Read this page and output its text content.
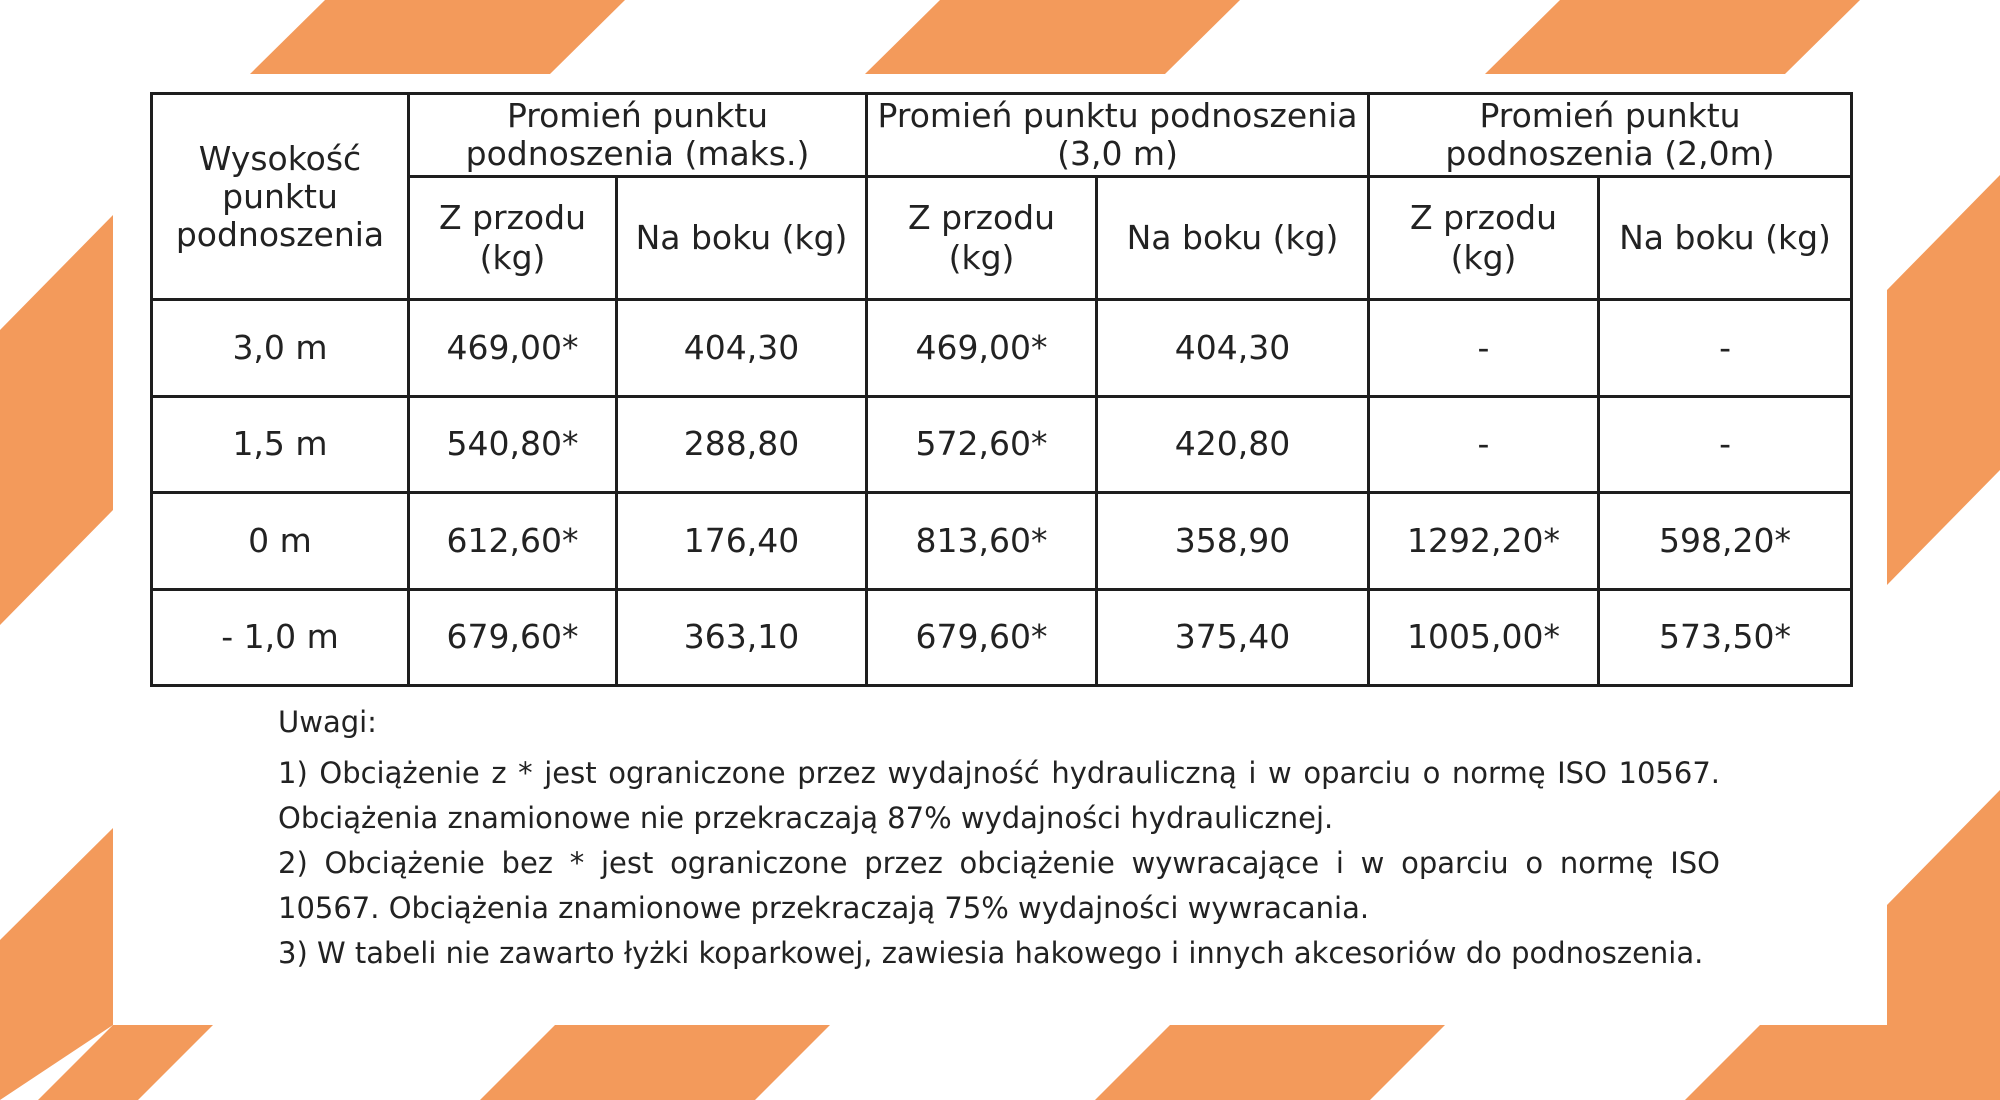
Wysokość punktu podnoszenia	Promień punktu podnoszenia (maks.)		Promień punktu podnoszenia (3,0 m)		Promień punktu podnoszenia (2,0m)	
	Z przodu (kg)	Na boku (kg)	Z przodu (kg)	Na boku (kg)	Z przodu (kg)	Na boku (kg)
3,0 m	469,00*	404,30	469,00*	404,30	-	-
1,5 m	540,80*	288,80	572,60*	420,80	-	-
0 m	612,60*	176,40	813,60*	358,90	1292,20*	598,20*
- 1,0 m	679,60*	363,10	679,60*	375,40	1005,00*	573,50*
Uwagi:
1) Obciążenie z * jest ograniczone przez wydajność hydrauliczną i w oparciu o normę ISO 10567. Obciążenia znamionowe nie przekraczają 87% wydajności hydraulicznej.
2) Obciążenie bez * jest ograniczone przez obciążenie wywracające i w oparciu o normę ISO 10567. Obciążenia znamionowe przekraczają 75% wydajności wywracania.
3) W tabeli nie zawarto łyżki koparkowej, zawiesia hakowego i innych akcesoriów do podnoszenia.
